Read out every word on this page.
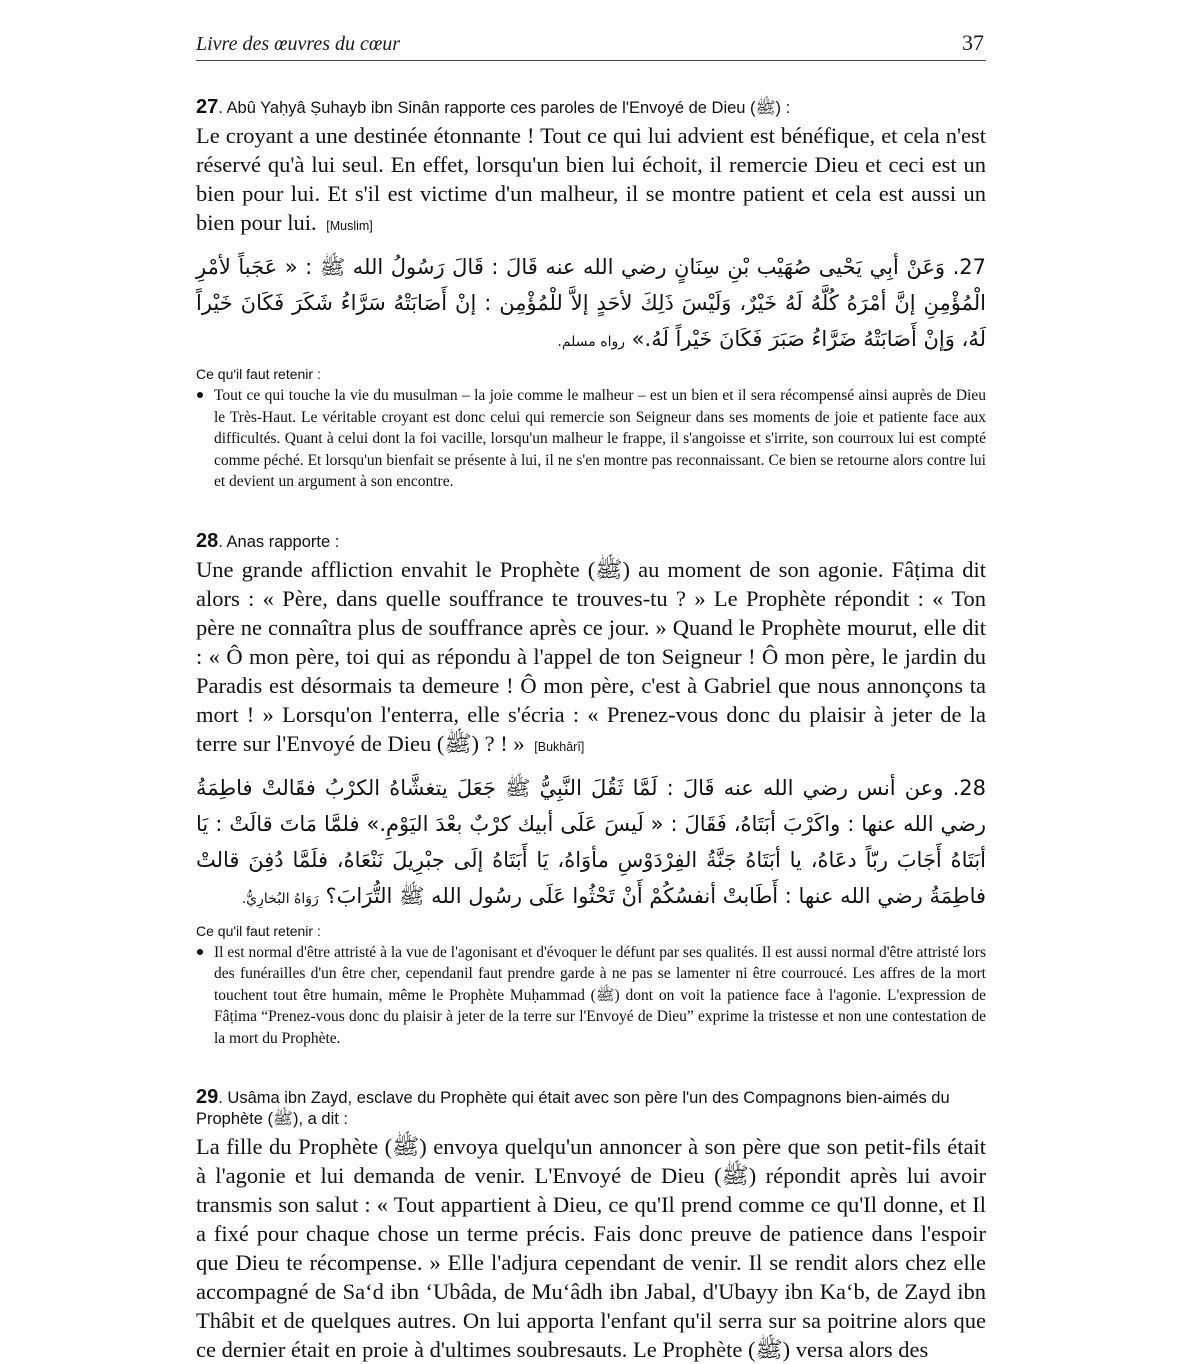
Livre des œuvres du cœur	37
27. Abû Yaḥyâ Ṣuhayb ibn Sinân rapporte ces paroles de l'Envoyé de Dieu (ﷺ) :
Le croyant a une destinée étonnante ! Tout ce qui lui advient est bénéfique, et cela n'est réservé qu'à lui seul. En effet, lorsqu'un bien lui échoit, il remercie Dieu et ceci est un bien pour lui. Et s'il est victime d'un malheur, il se montre patient et cela est aussi un bien pour lui. [Muslim]
27. وَعَنْ أبِي يَحْيى صُهَيْب بْنِ سِنَانٍ رضي الله عنه قَالَ : قَالَ رَسُولُ الله ﷺ : « عَجَباً لأمْرِ الْمُؤْمِنِ إنَّ أمْرَهُ كُلَّهُ لَهُ خَيْرٌ، وَلَيْسَ ذَلِكَ لأحَدٍ إلاَّ للْمُؤْمِن : إنْ أَصَابَتْهُ سَرَّاءُ شَكَرَ فَكَانَ خَيْراً لَهُ، وَإنْ أَصَابَتْهُ ضَرَّاءُ صَبَرَ فَكَانَ خَيْراً لَهُ.» رواه مسلم.
Ce qu'il faut retenir :
Tout ce qui touche la vie du musulman – la joie comme le malheur – est un bien et il sera récompensé ainsi auprès de Dieu le Très-Haut. Le véritable croyant est donc celui qui remercie son Seigneur dans ses moments de joie et patiente face aux difficultés. Quant à celui dont la foi vacille, lorsqu'un malheur le frappe, il s'angoisse et s'irrite, son courroux lui est compté comme péché. Et lorsqu'un bienfait se présente à lui, il ne s'en montre pas reconnaissant. Ce bien se retourne alors contre lui et devient un argument à son encontre.
28. Anas rapporte :
Une grande affliction envahit le Prophète (ﷺ) au moment de son agonie. Fâṭima dit alors : « Père, dans quelle souffrance te trouves-tu ? » Le Prophète répondit : « Ton père ne connaîtra plus de souffrance après ce jour. » Quand le Prophète mourut, elle dit : « Ô mon père, toi qui as répondu à l'appel de ton Seigneur ! Ô mon père, le jardin du Paradis est désormais ta demeure ! Ô mon père, c'est à Gabriel que nous annonçons ta mort ! » Lorsqu'on l'enterra, elle s'écria : « Prenez-vous donc du plaisir à jeter de la terre sur l'Envoyé de Dieu (ﷺ) ? ! » [Bukhârî]
28. وعن أنس رضي الله عنه قَالَ : لَمَّا ثَقُلَ النَّبِيُّ ﷺ جَعَلَ يتغشَّاهُ الكرْبُ فقَالتْ فاطِمَةُ رضي الله عنها : واكَرْبَ أبَتَاهُ، فَقَالَ : « لَيسَ عَلَى أبيك كرْبٌ بعْدَ اليَوْمِ.» فلمَّا مَاتَ قالَتْ : يَا أبَتَاهُ أَجَابَ ربّاً دعَاهُ، يا أبَتَاهُ جَنَّةُ الفِرْدَوْسِ مأوَاهُ، يَا أَبَتَاهُ إلَى جبْرِيلَ نَنْعَاهُ، فلَمَّا دُفِنَ قالتْ فاطِمَةُ رضي الله عنها : أَطَابتْ أنفسُكُمْ أَنْ تَحْثُوا عَلَى رسُول الله ﷺ التُّرَابَ؟ رَوَاهُ البُخارِيُّ.
Ce qu'il faut retenir :
Il est normal d'être attristé à la vue de l'agonisant et d'évoquer le défunt par ses qualités. Il est aussi normal d'être attristé lors des funérailles d'un être cher, cependanil faut prendre garde à ne pas se lamenter ni être courroucé. Les affres de la mort touchent tout être humain, même le Prophète Muḥammad (ﷺ) dont on voit la patience face à l'agonie. L'expression de Fâṭima “Prenez-vous donc du plaisir à jeter de la terre sur l'Envoyé de Dieu” exprime la tristesse et non une contestation de la mort du Prophète.
29. Usâma ibn Zayd, esclave du Prophète qui était avec son père l'un des Compagnons bien-aimés du Prophète (ﷺ), a dit :
La fille du Prophète (ﷺ) envoya quelqu'un annoncer à son père que son petit-fils était à l'agonie et lui demanda de venir. L'Envoyé de Dieu (ﷺ) répondit après lui avoir transmis son salut : « Tout appartient à Dieu, ce qu'Il prend comme ce qu'Il donne, et Il a fixé pour chaque chose un terme précis. Fais donc preuve de patience dans l'espoir que Dieu te récompense. » Elle l'adjura cependant de venir. Il se rendit alors chez elle accompagné de Sa‘d ibn ‘Ubâda, de Mu‘âdh ibn Jabal, d'Ubayy ibn Ka‘b, de Zayd ibn Thâbit et de quelques autres. On lui apporta l'enfant qu'il serra sur sa poitrine alors que ce dernier était en proie à d'ultimes soubresauts. Le Prophète (ﷺ) versa alors des
